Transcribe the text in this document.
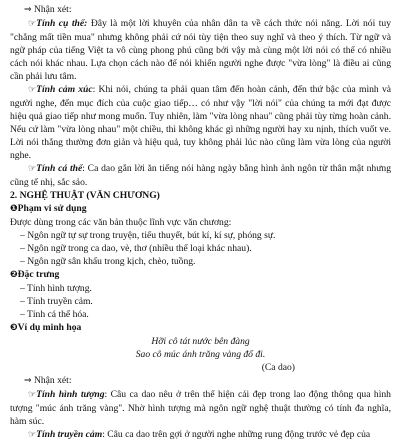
⇒ Nhận xét:

☞Tính cụ thể: Đây là một lời khuyên của nhân dân ta về cách thức nói năng. Lời nói tuy "chẳng mất tiền mua" nhưng không phải cứ nói tùy tiện theo suy nghĩ và theo ý thích. Từ ngữ và ngữ pháp của tiếng Việt ta vô cùng phong phú cũng bởi vậy mà cùng một lời nói có thể có nhiều cách nói khác nhau. Lựa chọn cách nào để nói khiến người nghe được "vừa lòng" là điều ai cũng cần phải lưu tâm.

☞Tính cảm xúc: Khi nói, chúng ta phải quan tâm đến hoàn cảnh, đến thứ bậc của mình và người nghe, đến mục đích của cuộc giao tiếp… có như vậy "lời nói" của chúng ta mới đạt được hiệu quả giao tiếp như mong muốn. Tuy nhiên, làm "vừa lòng nhau" cũng phải tùy từng hoàn cảnh. Nếu cứ làm "vừa lòng nhau" một chiều, thì không khác gì những người hay xu nịnh, thích vuốt ve. Lời nói thẳng thường đơn giản và hiệu quả, tuy không phải lúc nào cũng làm vừa lòng của người nghe.

☞Tính cá thể: Ca dao gắn lời ăn tiếng nói hàng ngày bằng hình ảnh ngôn từ thân mật nhưng cũng tế nhị, sắc sảo.

2. NGHỆ THUẬT (VĂN CHƯƠNG)

❶Phạm vi sử dụng

Được dùng trong các văn bản thuộc lĩnh vực văn chương:

– Ngôn ngữ tự sự trong truyện, tiểu thuyết, bút kí, kí sự, phóng sự.

– Ngôn ngữ trong ca dao, vè, thơ (nhiều thể loại khác nhau).

– Ngôn ngữ sân khấu trong kịch, chèo, tuồng.

❷Đặc trưng

– Tính hình tượng.

– Tính truyền cảm.

– Tính cá thể hóa.

❸Ví dụ minh họa

Hỡi cô tát nước bên đàng

Sao cô múc ánh trăng vàng đổ đi.

(Ca dao)

⇒ Nhận xét:

☞Tính hình tượng: Câu ca dao nêu ở trên thể hiện cái đẹp trong lao động thông qua hình tượng "múc ánh trăng vàng". Nhờ hình tượng mà ngôn ngữ nghệ thuật thường có tính đa nghĩa, hàm súc.

☞Tính truyền cảm: Câu ca dao trên gợi ở người nghe những rung động trước vẻ đẹp của
